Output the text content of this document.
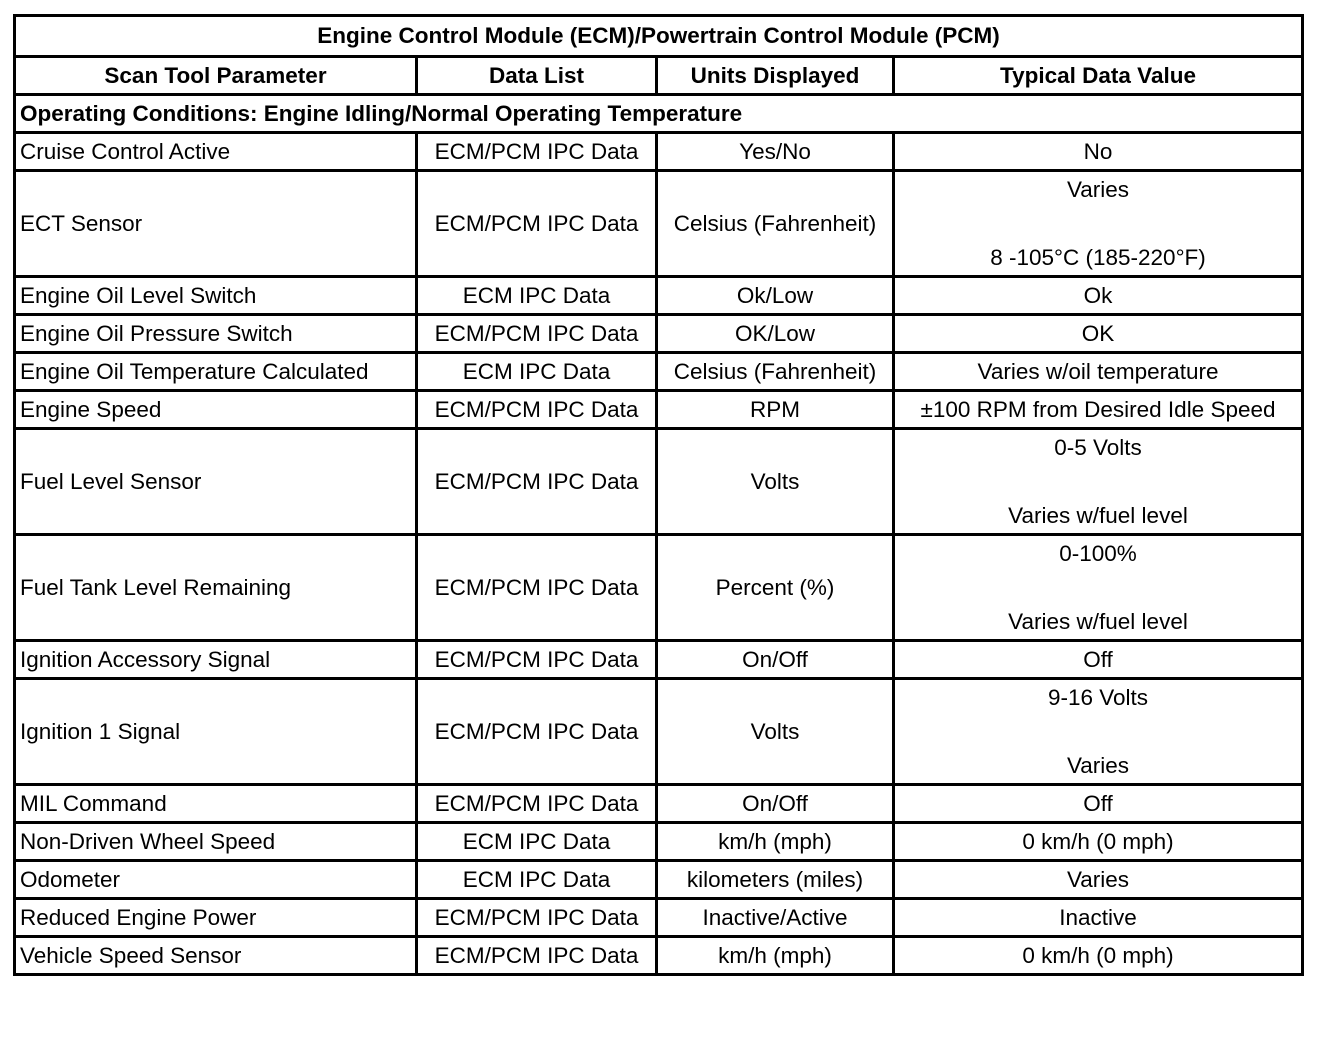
Engine Control Module (ECM)/Powertrain Control Module (PCM)			
Scan Tool Parameter	Data List	Units Displayed	Typical Data Value
Operating Conditions: Engine Idling/Normal Operating Temperature			
Cruise Control Active	ECM/PCM IPC Data	Yes/No	No
ECT Sensor	ECM/PCM IPC Data	Celsius (Fahrenheit)	Varies
8 -105°C (185-220°F)

Engine Oil Level Switch	ECM IPC Data	Ok/Low	Ok
Engine Oil Pressure Switch	ECM/PCM IPC Data	OK/Low	OK
Engine Oil Temperature Calculated	ECM IPC Data	Celsius (Fahrenheit)	Varies w/oil temperature
Engine Speed	ECM/PCM IPC Data	RPM	±100 RPM from Desired Idle Speed
Fuel Level Sensor	ECM/PCM IPC Data	Volts	0-5 Volts
Varies w/fuel level

Fuel Tank Level Remaining	ECM/PCM IPC Data	Percent (%)	0-100%
Varies w/fuel level

Ignition Accessory Signal	ECM/PCM IPC Data	On/Off	Off
Ignition 1 Signal	ECM/PCM IPC Data	Volts	9-16 Volts
Varies

MIL Command	ECM/PCM IPC Data	On/Off	Off
Non-Driven Wheel Speed	ECM IPC Data	km/h (mph)	0 km/h (0 mph)
Odometer	ECM IPC Data	kilometers (miles)	Varies
Reduced Engine Power	ECM/PCM IPC Data	Inactive/Active	Inactive
Vehicle Speed Sensor	ECM/PCM IPC Data	km/h (mph)	0 km/h (0 mph)
